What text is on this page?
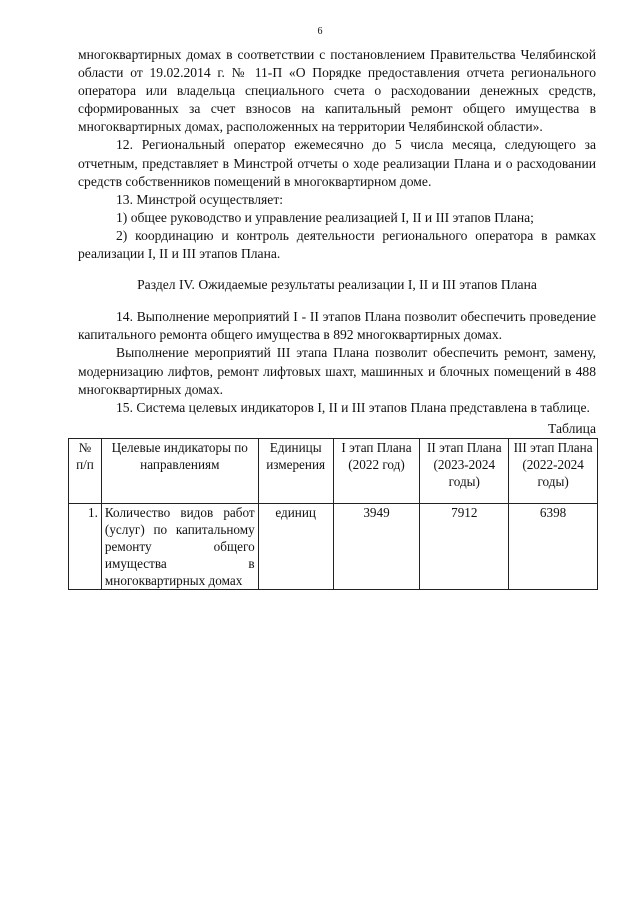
6

многоквартирных домах в соответствии с постановлением Правительства Челябинской области от 19.02.2014 г. № 11-П «О Порядке предоставления отчета регионального оператора или владельца специального счета о расходовании денежных средств, сформированных за счет взносов на капитальный ремонт общего имущества в многоквартирных домах, расположенных на территории Челябинской области».

12. Региональный оператор ежемесячно до 5 числа месяца, следующего за отчетным, представляет в Минстрой отчеты о ходе реализации Плана и о расходовании средств собственников помещений в многоквартирном доме.

13. Минстрой осуществляет:

1) общее руководство и управление реализацией I, II и III этапов Плана;

2) координацию и контроль деятельности регионального оператора в рамках реализации I, II и III этапов Плана.

Раздел IV. Ожидаемые результаты реализации I, II и III этапов Плана

14. Выполнение мероприятий I - II этапов Плана позволит обеспечить проведение капитального ремонта общего имущества в 892 многоквартирных домах.

Выполнение мероприятий III этапа Плана позволит обеспечить ремонт, замену, модернизацию лифтов, ремонт лифтовых шахт, машинных и блочных помещений в 488 многоквартирных домах.

15. Система целевых индикаторов I, II и III этапов Плана представлена в таблице.

Таблица

№ п/п	Целевые индикаторы по направлениям	Единицы измерения	I этап Плана (2022 год)	II этап Плана (2023-2024 годы)	III этап Плана (2022-2024 годы)
1.	Количество видов работ (услуг) по капитальному ремонту общего имущества в многоквартирных домах	единиц	3949	7912	6398
